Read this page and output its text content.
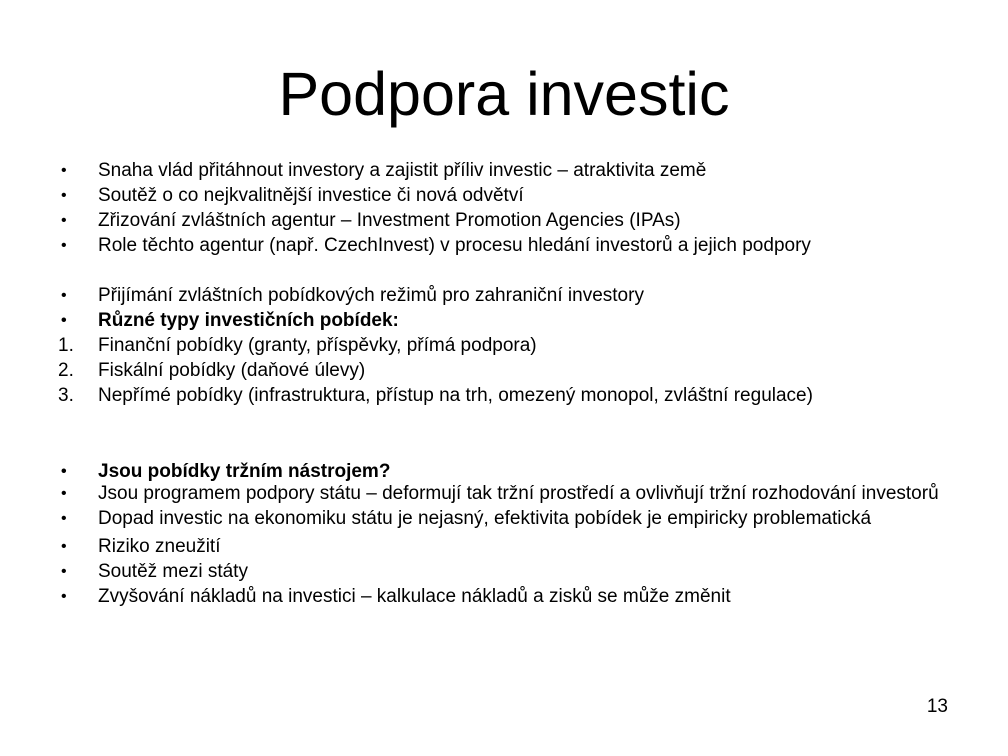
Podpora investic
•	Snaha vlád přitáhnout investory a zajistit příliv investic – atraktivita země
•	Soutěž o co nejkvalitnější investice či nová odvětví
•	Zřizování zvláštních agentur – Investment Promotion Agencies (IPAs)
•	Role těchto agentur (např. CzechInvest) v procesu hledání investorů a jejich podpory
•	Přijímání zvláštních pobídkových režimů pro zahraniční investory
•	Různé typy investičních pobídek:
1.	Finanční pobídky (granty, příspěvky, přímá podpora)
2.	Fiskální pobídky (daňové úlevy)
3.	Nepřímé pobídky (infrastruktura, přístup na trh, omezený monopol, zvláštní regulace)
•	Jsou pobídky tržním nástrojem?
•	Jsou programem podpory státu – deformují tak tržní prostředí a ovlivňují tržní rozhodování investorů
•	Dopad investic na ekonomiku státu je nejasný, efektivita pobídek je empiricky problematická
•	Riziko zneužití
•	Soutěž mezi státy
•	Zvyšování nákladů na investici – kalkulace nákladů a zisků se může změnit
13
